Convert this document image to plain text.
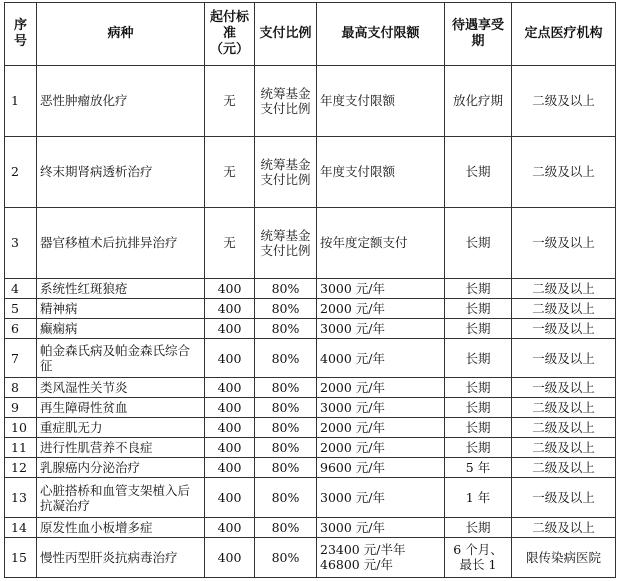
序号	病种	起付标准（元）	支付比例	最高支付限额	待遇享受期	定点医疗机构
1	恶性肿瘤放化疗	无	统筹基金支付比例	年度支付限额	放化疗期	二级及以上
2	终末期肾病透析治疗	无	统筹基金支付比例	年度支付限额	长期	二级及以上
3	器官移植术后抗排异治疗	无	统筹基金支付比例	按年度定额支付	长期	一级及以上
4	系统性红斑狼疮	400	80%	3000 元/年	长期	二级及以上
5	精神病	400	80%	2000 元/年	长期	二级及以上
6	癫痫病	400	80%	3000 元/年	长期	一级及以上
7	帕金森氏病及帕金森氏综合征	400	80%	4000 元/年	长期	一级及以上
8	类风湿性关节炎	400	80%	2000 元/年	长期	一级及以上
9	再生障碍性贫血	400	80%	3000 元/年	长期	二级及以上
10	重症肌无力	400	80%	2000 元/年	长期	二级及以上
11	进行性肌营养不良症	400	80%	2000 元/年	长期	二级及以上
12	乳腺癌内分泌治疗	400	80%	9600 元/年	5 年	二级及以上
13	心脏搭桥和血管支架植入后抗凝治疗	400	80%	3000 元/年	1 年	一级及以上
14	原发性血小板增多症	400	80%	3000 元/年	长期	二级及以上
15	慢性丙型肝炎抗病毒治疗	400	80%	23400 元/半年 46800 元/年	6 个月、最长 1	限传染病医院
